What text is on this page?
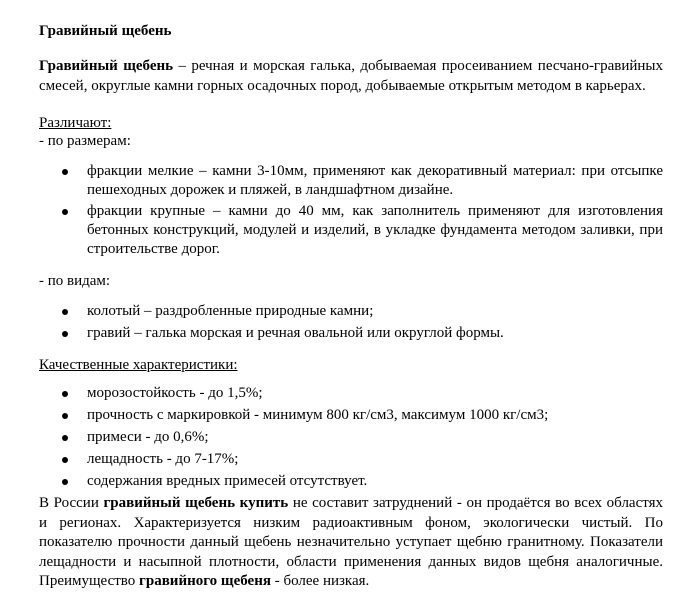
Гравийный щебень

Гравийный щебень – речная и морская галька, добываемая просеиванием песчано-гравийных смесей, округлые камни горных осадочных пород, добываемые открытым методом в карьерах.

Различают:

- по размерам:

фракции мелкие – камни 3-10мм, применяют как декоративный материал: при отсыпке пешеходных дорожек и пляжей, в ландшафтном дизайне.
фракции крупные – камни до 40 мм, как заполнитель применяют для изготовления бетонных конструкций, модулей и изделий, в укладке фундамента методом заливки, при строительстве дорог.

- по видам:

колотый – раздробленные природные камни;
гравий – галька морская и речная овальной или округлой формы.

Качественные характеристики:

морозостойкость - до 1,5%;
прочность с маркировкой - минимум 800 кг/см3, максимум 1000 кг/см3;
примеси - до 0,6%;
лещадность - до 7-17%;
содержания вредных примесей отсутствует.

В России гравийный щебень купить не составит затруднений - он продаётся во всех областях и регионах. Характеризуется низким радиоактивным фоном, экологически чистый. По показателю прочности данный щебень незначительно уступает щебню гранитному. Показатели лещадности и насыпной плотности, области применения данных видов щебня аналогичные. Преимущество гравийного щебеня - более низкая.
